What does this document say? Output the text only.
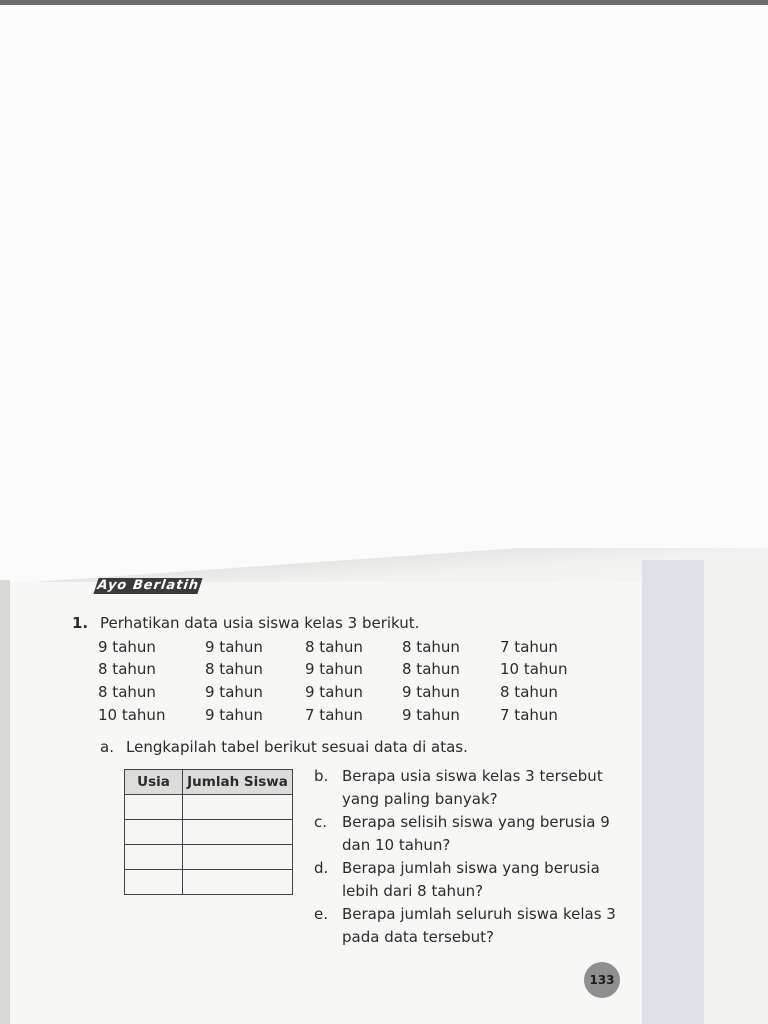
Ayo Berlatih
1. Perhatikan data usia siswa kelas 3 berikut.
9 tahun	9 tahun	8 tahun	8 tahun	7 tahun
8 tahun	8 tahun	9 tahun	8 tahun	10 tahun
8 tahun	9 tahun	9 tahun	9 tahun	8 tahun
10 tahun	9 tahun	7 tahun	9 tahun	7 tahun
a. Lengkapilah tabel berikut sesuai data di atas.
Usia	Jumlah Siswa

	b. Berapa usia siswa kelas 3 tersebut yang paling banyak?
c. Berapa selisih siswa yang berusia 9 dan 10 tahun?
d. Berapa jumlah siswa yang berusia lebih dari 8 tahun?
e. Berapa jumlah seluruh siswa kelas 3 pada data tersebut?
133
